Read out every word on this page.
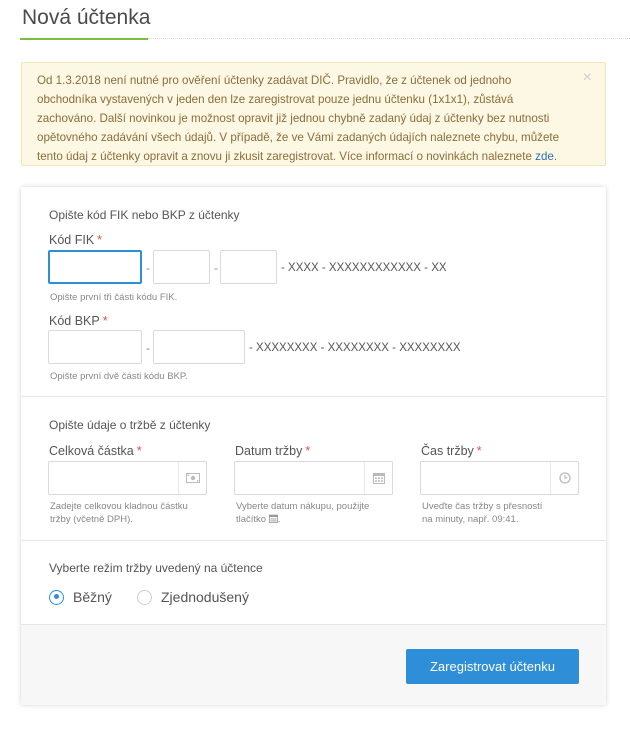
Nová účtenka
Od 1.3.2018 není nutné pro ověření účtenky zadávat DIČ. Pravidlo, že z účtenek od jednoho obchodníka vystavených v jeden den lze zaregistrovat pouze jednu účtenku (1x1x1), zůstává zachováno. Další novinkou je možnost opravit již jednou chybně zadaný údaj z účtenky bez nutnosti opětovného zadávání všech údajů. V případě, že ve Vámi zadaných údajích naleznete chybu, můžete tento údaj z účtenky opravit a znovu ji zkusit zaregistrovat. Více informací o novinkách naleznete zde.
×
Opište kód FIK nebo BKP z účtenky
Kód FIK *
-	-	- XXXX - XXXXXXXXXXXX - XX
Opište první tři části kódu FIK.
Kód BKP *
-	- XXXXXXXX - XXXXXXXX - XXXXXXXX
Opište první dvě části kódu BKP.
Opište údaje o tržbě z účtenky
Celková částka *
Zadejte celkovou kladnou částku
tržby (včetně DPH).
Datum tržby *
Vyberte datum nákupu, použijte
tlačítko .
Čas tržby *
Uveďte čas tržby s přesností
na minuty, např. 09:41.
Vyberte režim tržby uvedený na účtence
Běžný	Zjednodušený
Zaregistrovat účtenku
